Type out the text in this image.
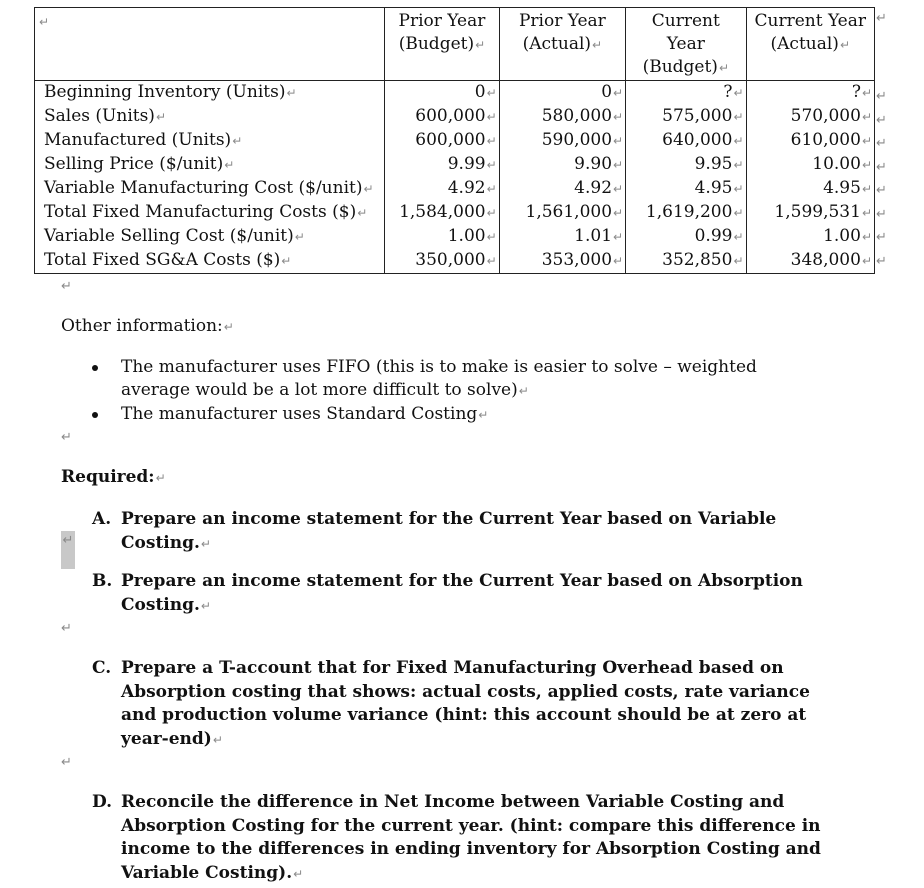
↵	Prior Year
(Budget)↵	Prior Year
(Actual)↵	Current
Year
(Budget)↵	Current Year
(Actual)↵
Beginning Inventory (Units)↵	0↵	0↵	?↵	?↵
Sales (Units)↵	600,000↵	580,000↵	575,000↵	570,000↵
Manufactured (Units)↵	600,000↵	590,000↵	640,000↵	610,000↵
Selling Price ($/unit)↵	9.99↵	9.90↵	9.95↵	10.00↵
Variable Manufacturing Cost ($/unit)↵	4.92↵	4.92↵	4.95↵	4.95↵
Total Fixed Manufacturing Costs ($)↵	1,584,000↵	1,561,000↵	1,619,200↵	1,599,531↵
Variable Selling Cost ($/unit)↵	1.00↵	1.01↵	0.99↵	1.00↵
Total Fixed SG&A Costs ($)↵	350,000↵	353,000↵	352,850↵	348,000↵
↵
↵
Other information:↵
The manufacturer uses FIFO (this is to make is easier to solve – weighted average would be a lot more difficult to solve)↵
The manufacturer uses Standard Costing↵
↵
Required:↵
A. Prepare an income statement for the Current Year based on Variable Costing.↵
↵
B. Prepare an income statement for the Current Year based on Absorption Costing.↵
↵
C. Prepare a T-account that for Fixed Manufacturing Overhead based on Absorption costing that shows: actual costs, applied costs, rate variance and production volume variance (hint: this account should be at zero at year-end)↵
↵
D. Reconcile the difference in Net Income between Variable Costing and Absorption Costing for the current year. (hint: compare this difference in income to the differences in ending inventory for Absorption Costing and Variable Costing).↵
↵
↵
↵
↵
↵
↵
↵
↵
